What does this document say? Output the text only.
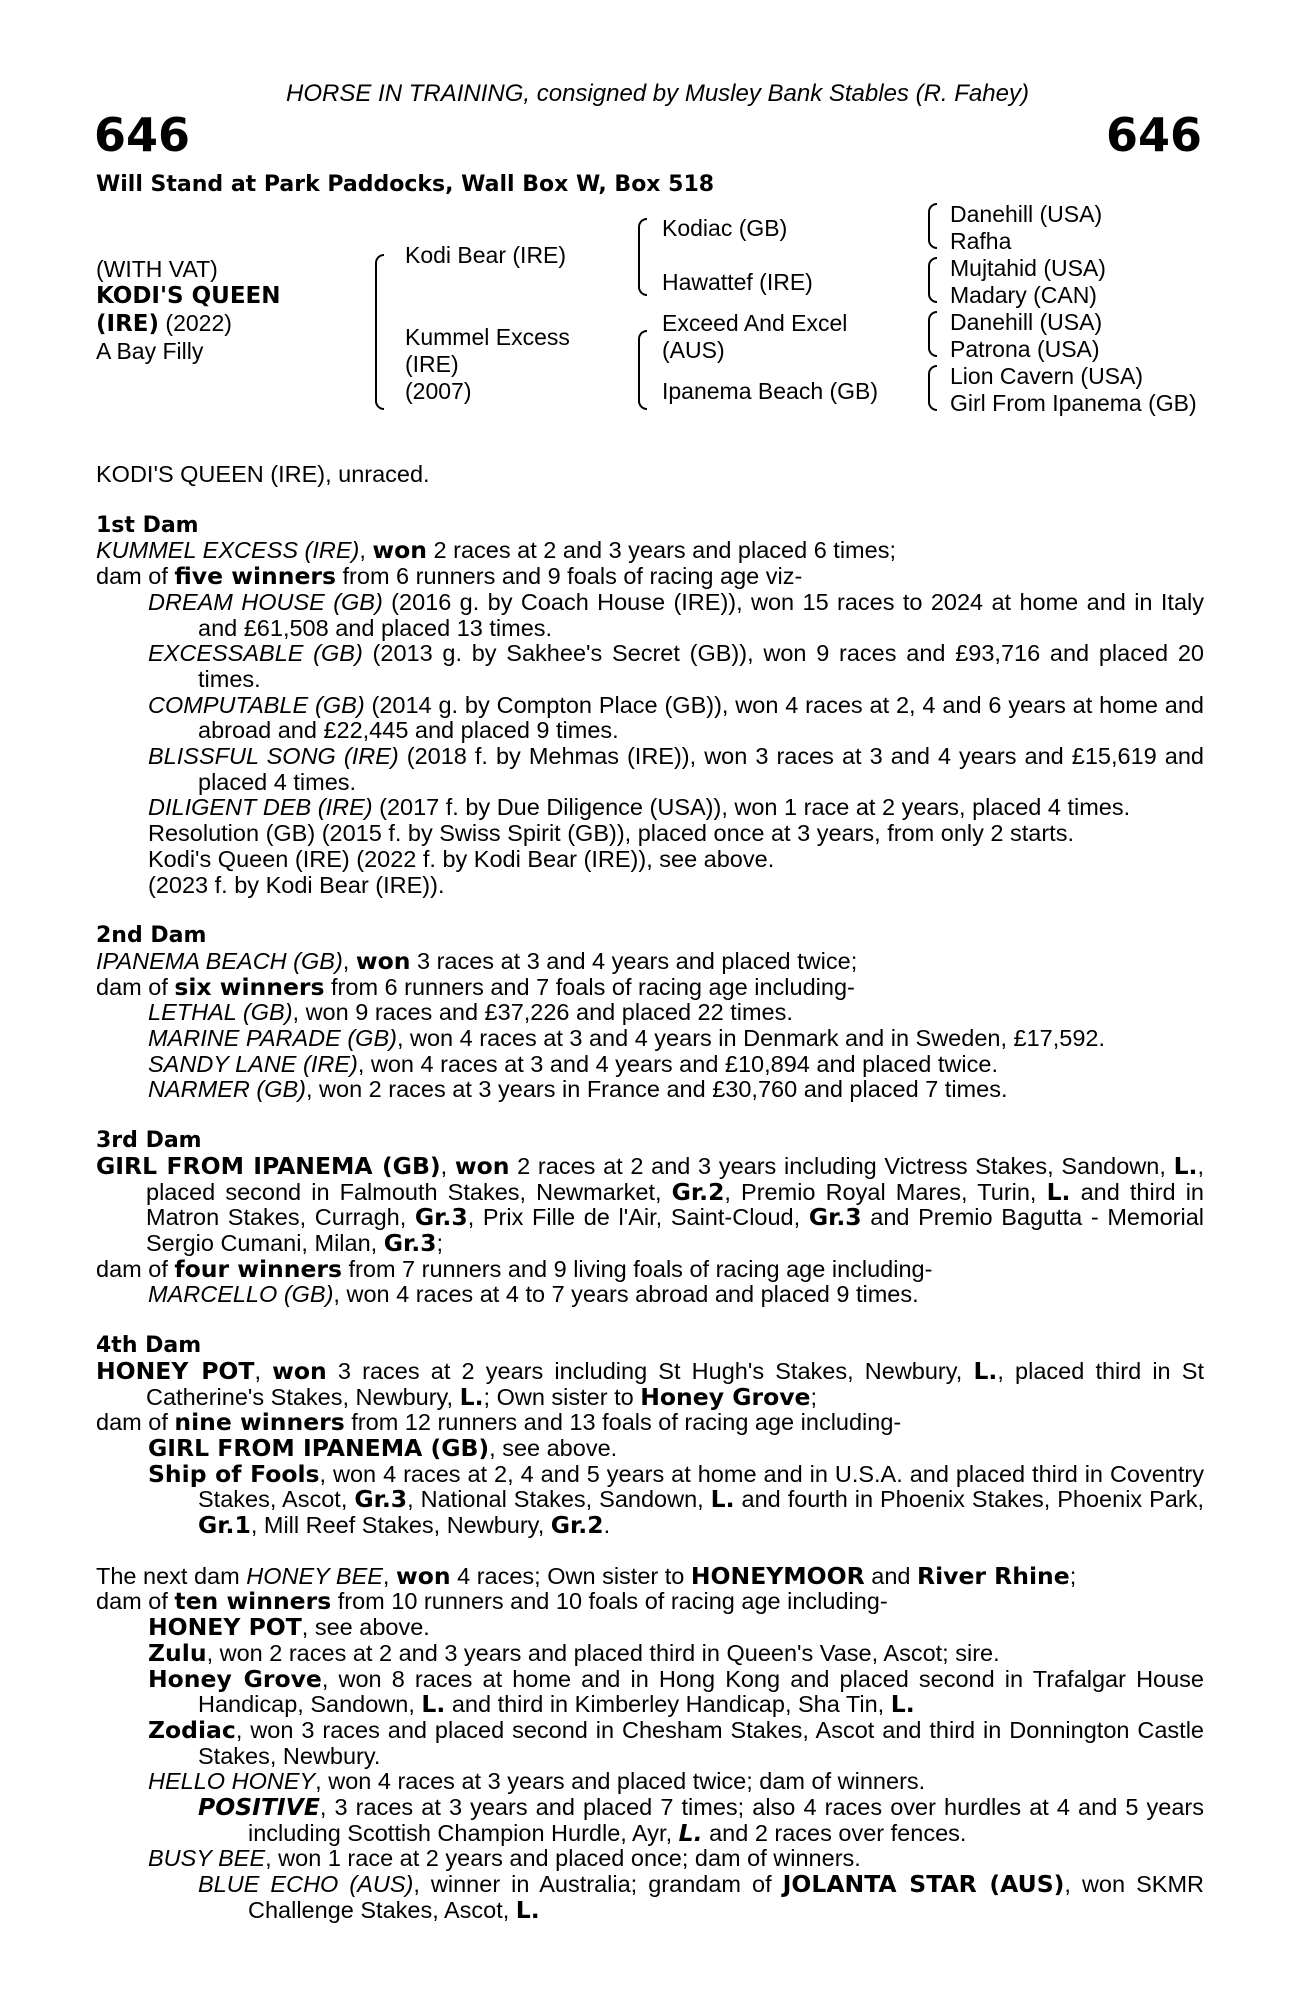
HORSE IN TRAINING, consigned by Musley Bank Stables (R. Fahey)
646	646
Will Stand at Park Paddocks, Wall Box W, Box 518
(WITH VAT)
KODI'S QUEEN
(IRE) (2022)
A Bay Filly
Kodi Bear (IRE)
Kummel Excess
(IRE)
(2007)
Kodiac (GB)
Hawattef (IRE)
Exceed And Excel
(AUS)
Ipanema Beach (GB)
Danehill (USA)
Rafha
Mujtahid (USA)
Madary (CAN)
Danehill (USA)
Patrona (USA)
Lion Cavern (USA)
Girl From Ipanema (GB)

KODI'S QUEEN (IRE), unraced.

1st Dam

KUMMEL EXCESS (IRE), won 2 races at 2 and 3 years and placed 6 times;

dam of five winners from 6 runners and 9 foals of racing age viz-

DREAM HOUSE (GB) (2016 g. by Coach House (IRE)), won 15 races to 2024 at home and in Italy and £61,508 and placed 13 times.

EXCESSABLE (GB) (2013 g. by Sakhee's Secret (GB)), won 9 races and £93,716 and placed 20 times.

COMPUTABLE (GB) (2014 g. by Compton Place (GB)), won 4 races at 2, 4 and 6 years at home and abroad and £22,445 and placed 9 times.

BLISSFUL SONG (IRE) (2018 f. by Mehmas (IRE)), won 3 races at 3 and 4 years and £15,619 and placed 4 times.

DILIGENT DEB (IRE) (2017 f. by Due Diligence (USA)), won 1 race at 2 years, placed 4 times.

Resolution (GB) (2015 f. by Swiss Spirit (GB)), placed once at 3 years, from only 2 starts.

Kodi's Queen (IRE) (2022 f. by Kodi Bear (IRE)), see above.

(2023 f. by Kodi Bear (IRE)).

2nd Dam

IPANEMA BEACH (GB), won 3 races at 3 and 4 years and placed twice;

dam of six winners from 6 runners and 7 foals of racing age including-

LETHAL (GB), won 9 races and £37,226 and placed 22 times.

MARINE PARADE (GB), won 4 races at 3 and 4 years in Denmark and in Sweden, £17,592.

SANDY LANE (IRE), won 4 races at 3 and 4 years and £10,894 and placed twice.

NARMER (GB), won 2 races at 3 years in France and £30,760 and placed 7 times.

3rd Dam

GIRL FROM IPANEMA (GB), won 2 races at 2 and 3 years including Victress Stakes, Sandown, L., placed second in Falmouth Stakes, Newmarket, Gr.2, Premio Royal Mares, Turin, L. and third in Matron Stakes, Curragh, Gr.3, Prix Fille de l'Air, Saint-Cloud, Gr.3 and Premio Bagutta - Memorial Sergio Cumani, Milan, Gr.3;

dam of four winners from 7 runners and 9 living foals of racing age including-

MARCELLO (GB), won 4 races at 4 to 7 years abroad and placed 9 times.

4th Dam

HONEY POT, won 3 races at 2 years including St Hugh's Stakes, Newbury, L., placed third in St Catherine's Stakes, Newbury, L.; Own sister to Honey Grove;

dam of nine winners from 12 runners and 13 foals of racing age including-

GIRL FROM IPANEMA (GB), see above.

Ship of Fools, won 4 races at 2, 4 and 5 years at home and in U.S.A. and placed third in Coventry Stakes, Ascot, Gr.3, National Stakes, Sandown, L. and fourth in Phoenix Stakes, Phoenix Park, Gr.1, Mill Reef Stakes, Newbury, Gr.2.

The next dam HONEY BEE, won 4 races; Own sister to HONEYMOOR and River Rhine;

dam of ten winners from 10 runners and 10 foals of racing age including-

HONEY POT, see above.

Zulu, won 2 races at 2 and 3 years and placed third in Queen's Vase, Ascot; sire.

Honey Grove, won 8 races at home and in Hong Kong and placed second in Trafalgar House Handicap, Sandown, L. and third in Kimberley Handicap, Sha Tin, L.

Zodiac, won 3 races and placed second in Chesham Stakes, Ascot and third in Donnington Castle Stakes, Newbury.

HELLO HONEY, won 4 races at 3 years and placed twice; dam of winners.

POSITIVE, 3 races at 3 years and placed 7 times; also 4 races over hurdles at 4 and 5 years including Scottish Champion Hurdle, Ayr, L. and 2 races over fences.

BUSY BEE, won 1 race at 2 years and placed once; dam of winners.

BLUE ECHO (AUS), winner in Australia; grandam of JOLANTA STAR (AUS), won SKMR Challenge Stakes, Ascot, L.
